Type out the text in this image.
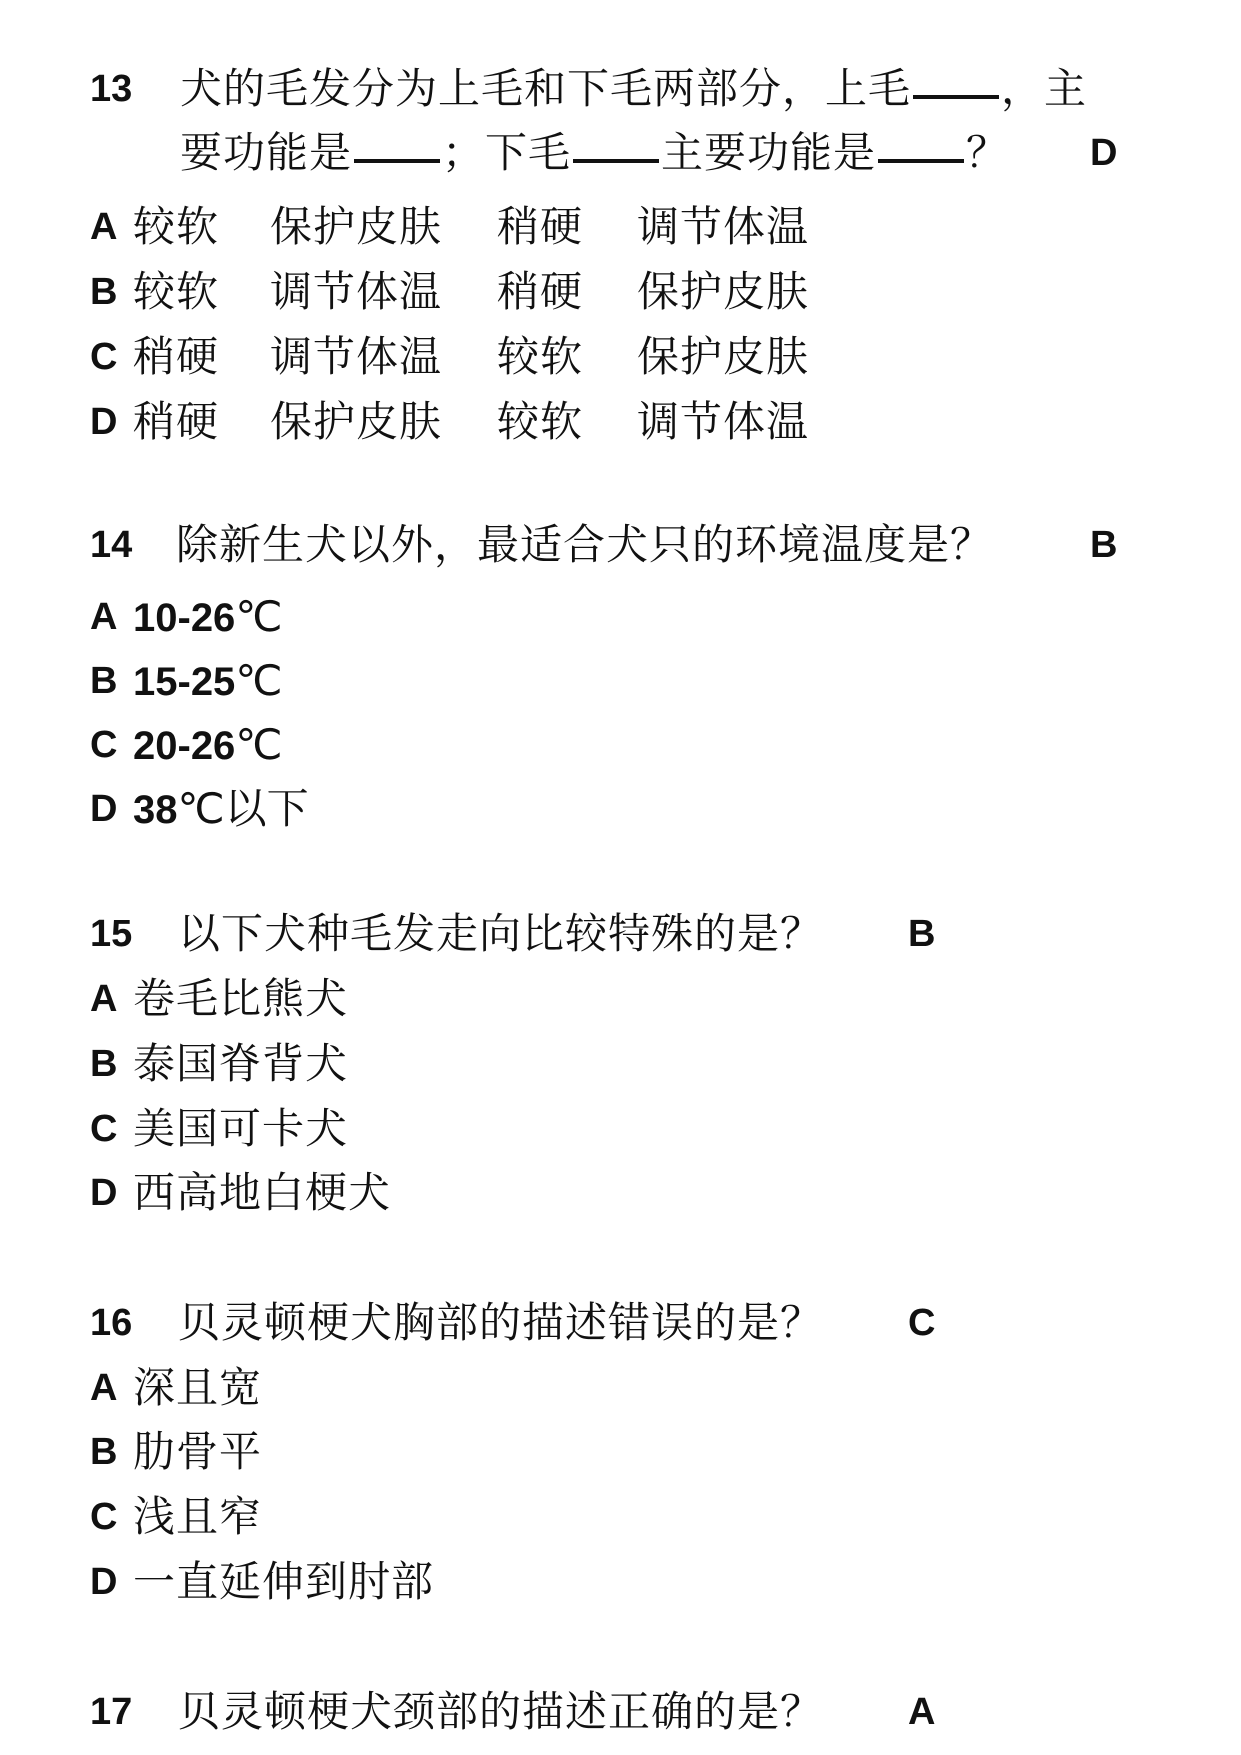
13 犬的毛发分为上毛和下毛两部分，上毛 ，主
要功能是 ；下毛 主要功能是 ？ D
A 较软 保护皮肤 稍硬 调节体温
B 较软 调节体温 稍硬 保护皮肤
C 稍硬 调节体温 较软 保护皮肤
D 稍硬 保护皮肤 较软 调节体温
14 除新生犬以外，最适合犬只的环境温度是？	B
A 10-26℃
B 15-25℃
C 20-26℃
D 38℃以下
15 以下犬种毛发走向比较特殊的是？ B
A 卷毛比熊犬
B 泰国脊背犬
C 美国可卡犬
D 西高地白梗犬
16 贝灵顿梗犬胸部的描述错误的是？ C
A 深且宽
B 肋骨平
C 浅且窄
D 一直延伸到肘部
17 贝灵顿梗犬颈部的描述正确的是？ A
